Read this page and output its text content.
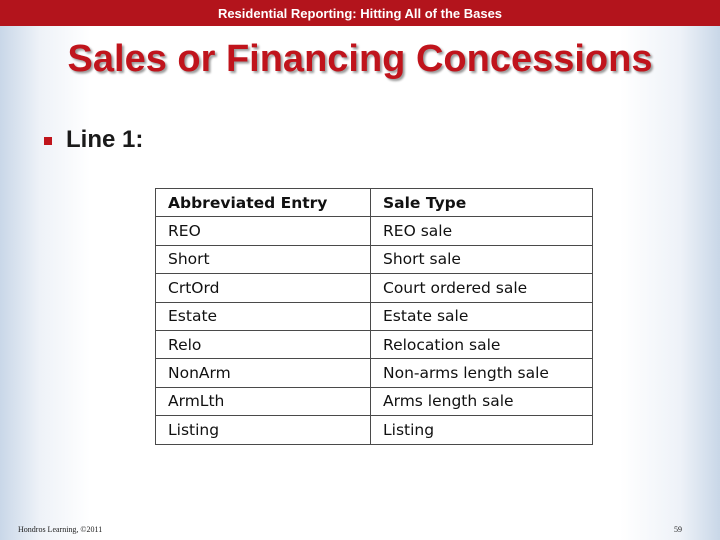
Residential Reporting: Hitting All of the Bases
Sales or Financing Concessions
Line 1:
Abbreviated Entry	Sale Type
REO	REO sale
Short	Short sale
CrtOrd	Court ordered sale
Estate	Estate sale
Relo	Relocation sale
NonArm	Non-arms length sale
ArmLth	Arms length sale
Listing	Listing
Hondros Learning, ©2011	59
